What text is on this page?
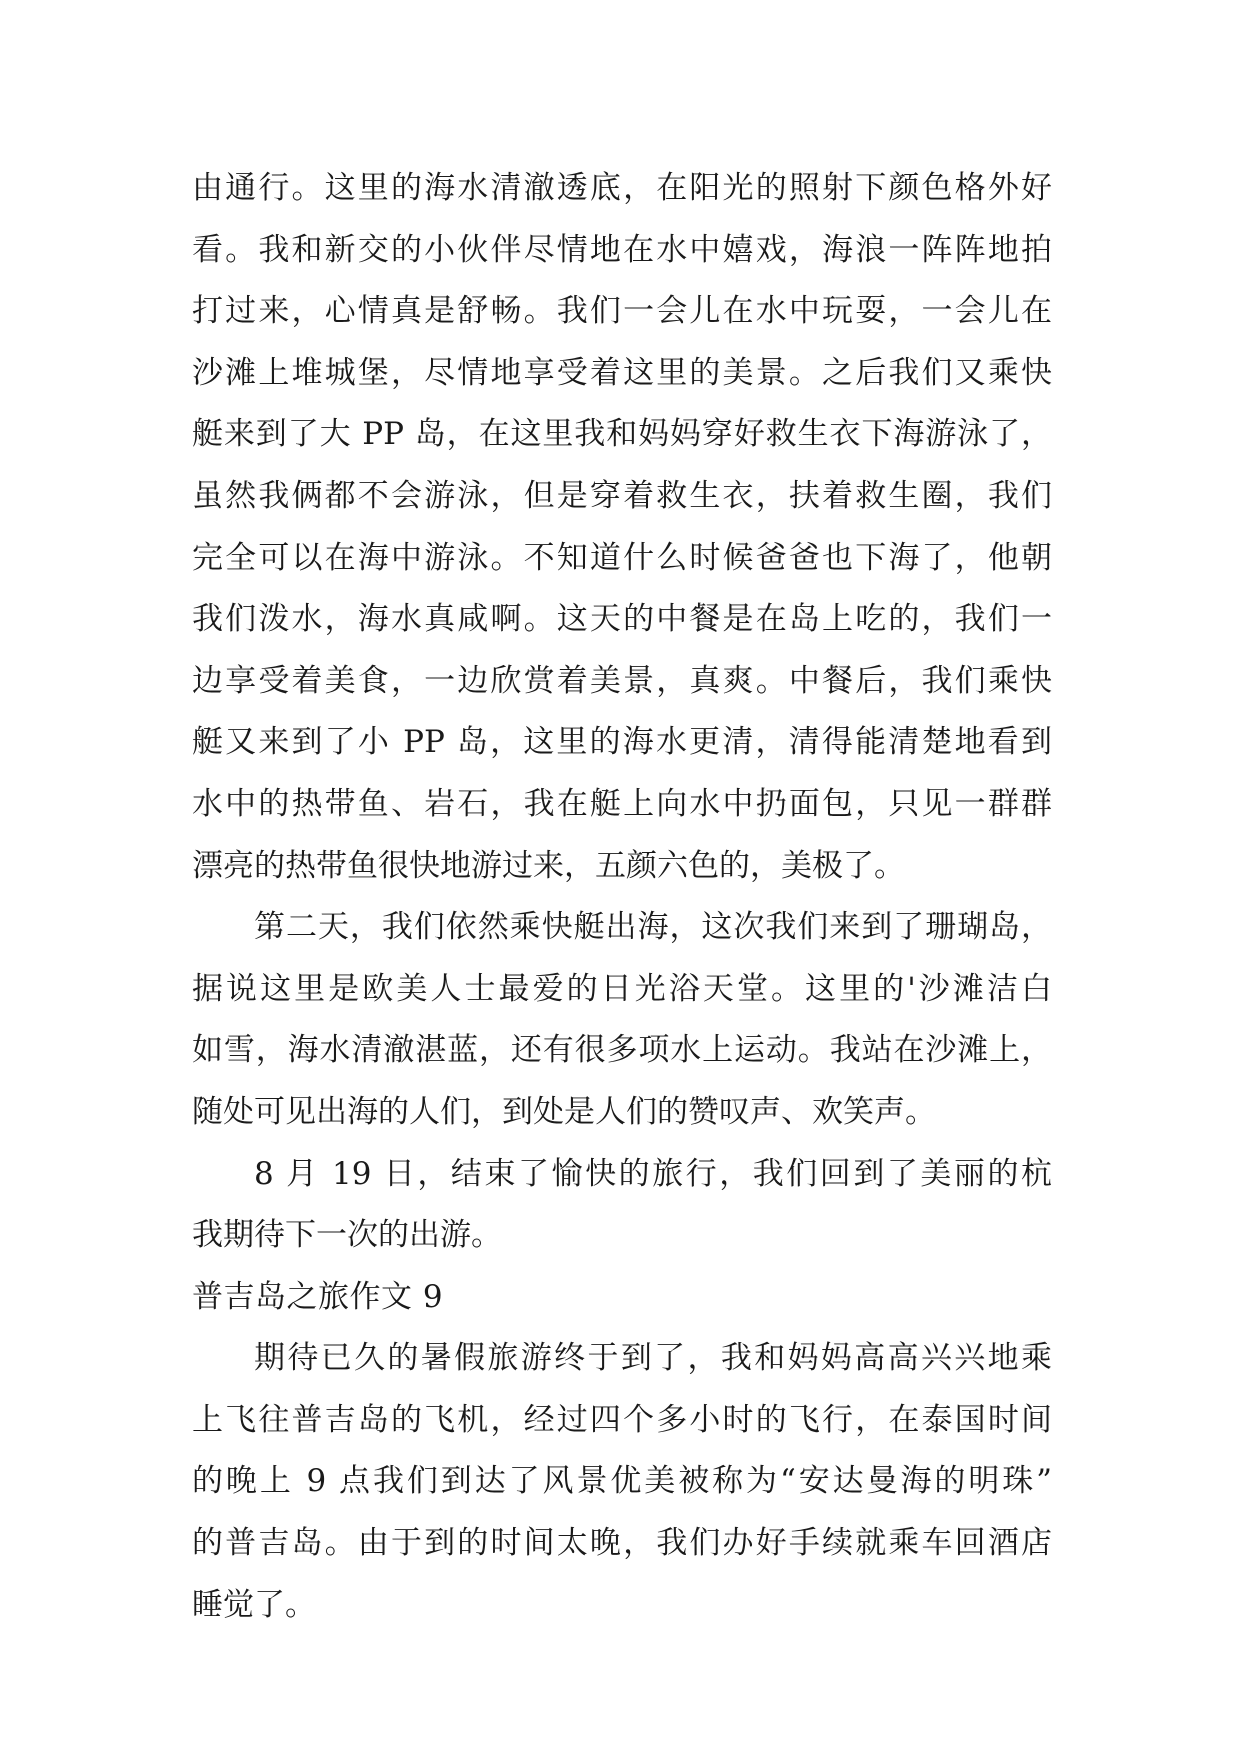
由通行。这里的海水清澈透底，在阳光的照射下颜色格外好
看。我和新交的小伙伴尽情地在水中嬉戏，海浪一阵阵地拍
打过来，心情真是舒畅。我们一会儿在水中玩耍，一会儿在
沙滩上堆城堡，尽情地享受着这里的美景。之后我们又乘快
艇来到了大 PP 岛，在这里我和妈妈穿好救生衣下海游泳了，
虽然我俩都不会游泳，但是穿着救生衣，扶着救生圈，我们
完全可以在海中游泳。不知道什么时候爸爸也下海了，他朝
我们泼水，海水真咸啊。这天的中餐是在岛上吃的，我们一
边享受着美食，一边欣赏着美景，真爽。中餐后，我们乘快
艇又来到了小 PP 岛，这里的海水更清，清得能清楚地看到
水中的热带鱼、岩石，我在艇上向水中扔面包，只见一群群
漂亮的热带鱼很快地游过来，五颜六色的，美极了。
第二天，我们依然乘快艇出海，这次我们来到了珊瑚岛，
据说这里是欧美人士最爱的日光浴天堂。这里的'沙滩洁白
如雪，海水清澈湛蓝，还有很多项水上运动。我站在沙滩上，
随处可见出海的人们，到处是人们的赞叹声、欢笑声。
8 月 19 日，结束了愉快的旅行，我们回到了美丽的杭
我期待下一次的出游。
普吉岛之旅作文 9
期待已久的暑假旅游终于到了，我和妈妈高高兴兴地乘
上飞往普吉岛的飞机，经过四个多小时的飞行，在泰国时间
的晚上 9 点我们到达了风景优美被称为“安达曼海的明珠”
的普吉岛。由于到的时间太晚，我们办好手续就乘车回酒店
睡觉了。
